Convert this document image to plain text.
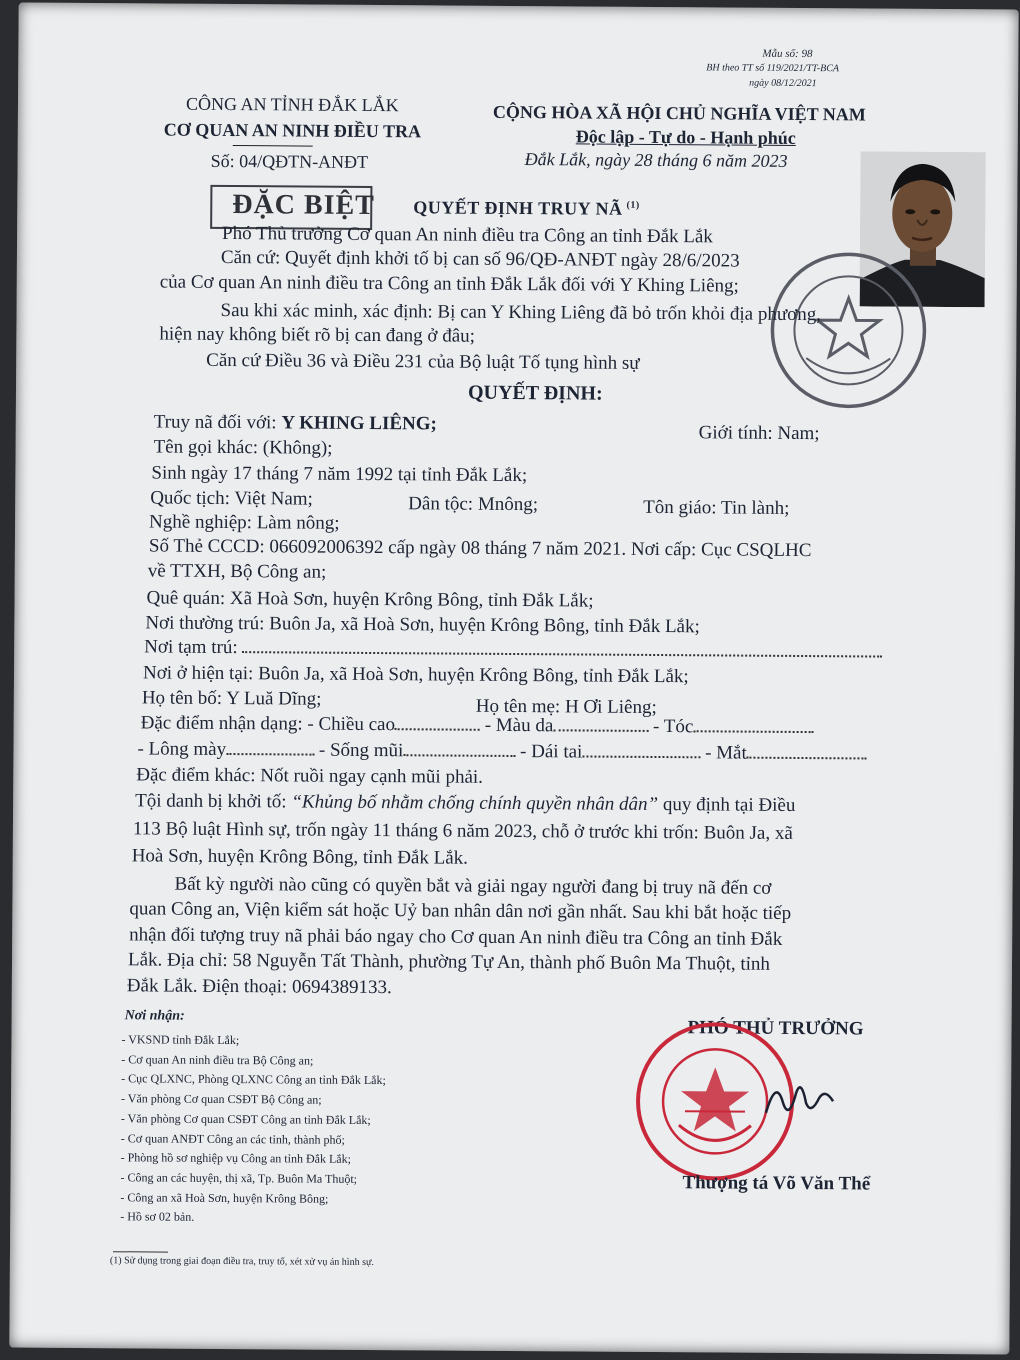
Mẫu số: 98
BH theo TT số 119/2021/TT-BCA
ngày 08/12/2021
CÔNG AN TỈNH ĐẮK LẮK
CƠ QUAN AN NINH ĐIỀU TRA
Số: 04/QĐTN-ANĐT
CỘNG HÒA XÃ HỘI CHỦ NGHĨA VIỆT NAM
Độc lập - Tự do - Hạnh phúc
Đắk Lắk, ngày 28 tháng 6 năm 2023
ĐẶC BIỆT QUYẾT ĐỊNH TRUY NÃ $^{(1)}$
Phó Thủ trưởng Cơ quan An ninh điều tra Công an tỉnh Đắk Lắk
Căn cứ: Quyết định khởi tố bị can số 96/QĐ-ANĐT ngày 28/6/2023
của Cơ quan An ninh điều tra Công an tỉnh Đắk Lắk đối với Y Khing Liêng;
Sau khi xác minh, xác định: Bị can Y Khing Liêng đã bỏ trốn khỏi địa phương,
hiện nay không biết rõ bị can đang ở đâu;
Căn cứ Điều 36 và Điều 231 của Bộ luật Tố tụng hình sự
QUYẾT ĐỊNH:
Truy nã đối với: Y KHING LIÊNG;	Giới tính: Nam;
Tên gọi khác: (Không);
Sinh ngày 17 tháng 7 năm 1992 tại tỉnh Đắk Lắk;
Quốc tịch: Việt Nam;	Dân tộc: Mnông;	Tôn giáo: Tin lành;
Nghề nghiệp: Làm nông;
Số Thẻ CCCD: 066092006392 cấp ngày 08 tháng 7 năm 2021. Nơi cấp: Cục CSQLHC
về TTXH, Bộ Công an;
Quê quán: Xã Hoà Sơn, huyện Krông Bông, tỉnh Đắk Lắk;
Nơi thường trú: Buôn Ja, xã Hoà Sơn, huyện Krông Bông, tỉnh Đắk Lắk;
Nơi tạm trú:
Nơi ở hiện tại: Buôn Ja, xã Hoà Sơn, huyện Krông Bông, tỉnh Đắk Lắk;
Họ tên bố: Y Luă Dĩng;	Họ tên mẹ: H Ơi Liêng;
Đặc điểm nhận dạng: - Chiều cao	- Màu da	- Tóc
- Lông mày	- Sống mũi	- Dái tai	- Mắt
Đặc điểm khác: Nốt ruồi ngay cạnh mũi phải.
Tội danh bị khởi tố: “Khủng bố nhằm chống chính quyền nhân dân” quy định tại Điều
113 Bộ luật Hình sự, trốn ngày 11 tháng 6 năm 2023, chỗ ở trước khi trốn: Buôn Ja, xã
Hoà Sơn, huyện Krông Bông, tỉnh Đắk Lắk.
Bất kỳ người nào cũng có quyền bắt và giải ngay người đang bị truy nã đến cơ
quan Công an, Viện kiểm sát hoặc Uỷ ban nhân dân nơi gần nhất. Sau khi bắt hoặc tiếp
nhận đối tượng truy nã phải báo ngay cho Cơ quan An ninh điều tra Công an tỉnh Đắk
Lắk. Địa chỉ: 58 Nguyễn Tất Thành, phường Tự An, thành phố Buôn Ma Thuột, tỉnh
Đắk Lắk. Điện thoại: 0694389133.
Nơi nhận:
- VKSND tỉnh Đắk Lắk;
- Cơ quan An ninh điều tra Bộ Công an;
- Cục QLXNC, Phòng QLXNC Công an tỉnh Đắk Lắk;
- Văn phòng Cơ quan CSĐT Bộ Công an;
- Văn phòng Cơ quan CSĐT Công an tỉnh Đắk Lắk;
- Cơ quan ANĐT Công an các tỉnh, thành phố;
- Phòng hồ sơ nghiệp vụ Công an tỉnh Đắk Lắk;
- Công an các huyện, thị xã, Tp. Buôn Ma Thuột;
- Công an xã Hoà Sơn, huyện Krông Bông;
- Hồ sơ 02 bản.
PHÓ THỦ TRƯỞNG
Thượng tá Võ Văn Thể
(1) Sử dụng trong giai đoạn điều tra, truy tố, xét xử vụ án hình sự.
